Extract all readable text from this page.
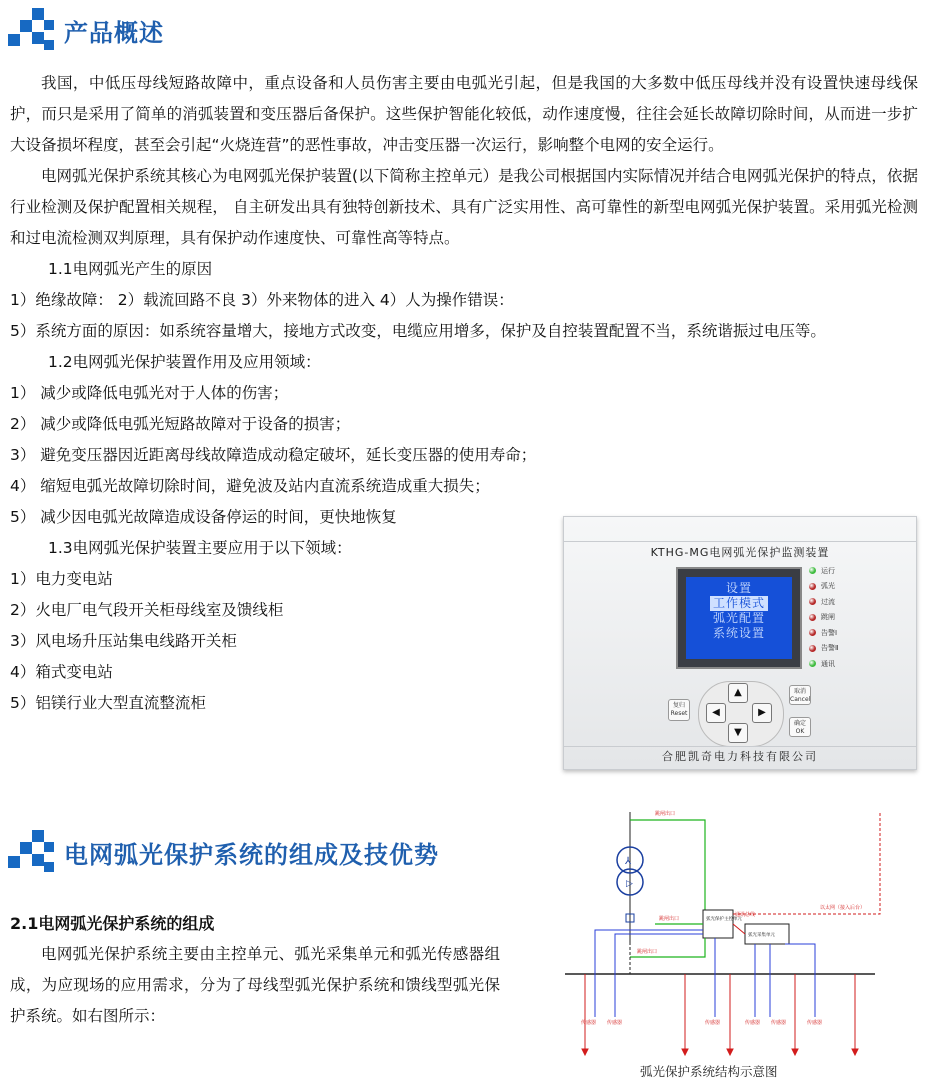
产品概述

我国，中低压母线短路故障中，重点设备和人员伤害主要由电弧光引起，但是我国的大多数中低压母线并没有设置快速母线保护，而只是采用了简单的消弧装置和变压器后备保护。这些保护智能化较低，动作速度慢，往往会延长故障切除时间，从而进一步扩大设备损坏程度，甚至会引起“火烧连营”的恶性事故，冲击变压器一次运行，影响整个电网的安全运行。

电网弧光保护系统其核心为电网弧光保护装置(以下简称主控单元）是我公司根据国内实际情况并结合电网弧光保护的特点，依据行业检测及保护配置相关规程， 自主研发出具有独特创新技术、具有广泛实用性、高可靠性的新型电网弧光保护装置。采用弧光检测和过电流检测双判原理，具有保护动作速度快、可靠性高等特点。

1.1电网弧光产生的原因
1）绝缘故障： 2）载流回路不良 3）外来物体的进入 4）人为操作错误：
5）系统方面的原因：如系统容量增大，接地方式改变，电缆应用增多，保护及自控装置配置不当，系统谐振过电压等。
1.2电网弧光保护装置作用及应用领域：
1） 减少或降低电弧光对于人体的伤害；
2） 减少或降低电弧光短路故障对于设备的损害；
3） 避免变压器因近距离母线故障造成动稳定破坏，延长变压器的使用寿命；
4） 缩短电弧光故障切除时间，避免波及站内直流系统造成重大损失；
5） 减少因电弧光故障造成设备停运的时间，更快地恢复
1.3电网弧光保护装置主要应用于以下领域：
1）电力变电站
2）火电厂电气段开关柜母线室及馈线柜
3）风电场升压站集电线路开关柜
4）箱式变电站
5）铝镁行业大型直流整流柜
KTHG-MG电网弧光保护监测装置
设置
工作模式
弧光配置
系统设置
运行
弧光
过流
跳闸
告警Ⅰ
告警Ⅱ
通讯
复归 Reset
取消 Cancel
确定 OK
▲
▼
◀	▶
合肥凯奇电力科技有限公司
电网弧光保护系统的组成及技优势
2.1电网弧光保护系统的组成

电网弧光保护系统主要由主控单元、弧光采集单元和弧光传感器组成，为应现场的应用需求，分为了母线型弧光保护系统和馈线型弧光保护系统。如右图所示：

⅄
▷
跳闸出口
弧光保护主控单元
弧光采集单元
通讯总线
以太网（接入后台）
跳闸出口
跳闸出口
传感器 传感器	传感器	传感器 传感器	传感器
弧光保护系统结构示意图
